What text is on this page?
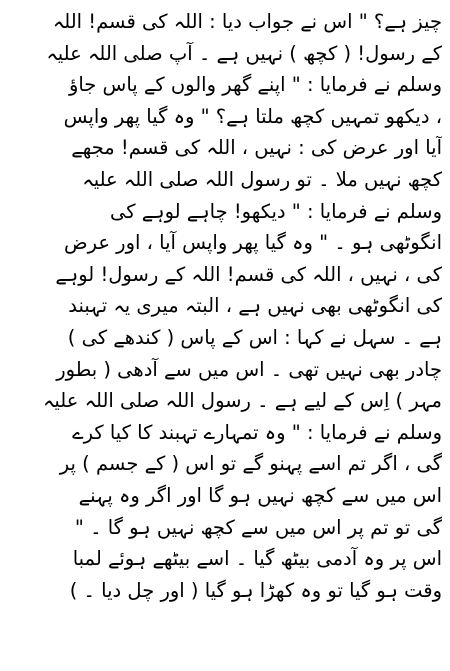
چیز ہے؟ " اس نے جواب دیا : اللہ کی قسم! اللہ
کے رسول! ( کچھ ) نہیں ہے ۔ آپ صلی اللہ علیہ
وسلم نے فرمایا : " اپنے گھر والوں کے پاس جاؤ
، دیکھو تمہیں کچھ ملتا ہے؟ " وہ گیا پھر واپس
آیا اور عرض کی : نہیں ، اللہ کی قسم! مجھے
کچھ نہیں ملا ۔ تو رسول اللہ صلی اللہ علیہ
وسلم نے فرمایا : " دیکھو! چاہے لوہے کی
انگوٹھی ہو ۔ " وہ گیا پھر واپس آیا ، اور عرض
کی ، نہیں ، اللہ کی قسم! اللہ کے رسول! لوہے
کی انگوٹھی بھی نہیں ہے ، البتہ میری یہ تہبند
ہے ۔ سہل نے کہا : اس کے پاس ( کندھے کی )
چادر بھی نہیں تھی ۔ اس میں سے آدھی ( بطور
مہر ) اِس کے لیے ہے ۔ رسول اللہ صلی اللہ علیہ
وسلم نے فرمایا : " وہ تمہارے تہبند کا کیا کرے
گی ، اگر تم اسے پہنو گے تو اس ( کے جسم ) پر
اس میں سے کچھ نہیں ہو گا اور اگر وہ پہنے
گی تو تم پر اس میں سے کچھ نہیں ہو گا ۔ "
اس پر وہ آدمی بیٹھ گیا ۔ اسے بیٹھے ہوئے لمبا
وقت ہو گیا تو وہ کھڑا ہو گیا ( اور چل دیا ۔ )
